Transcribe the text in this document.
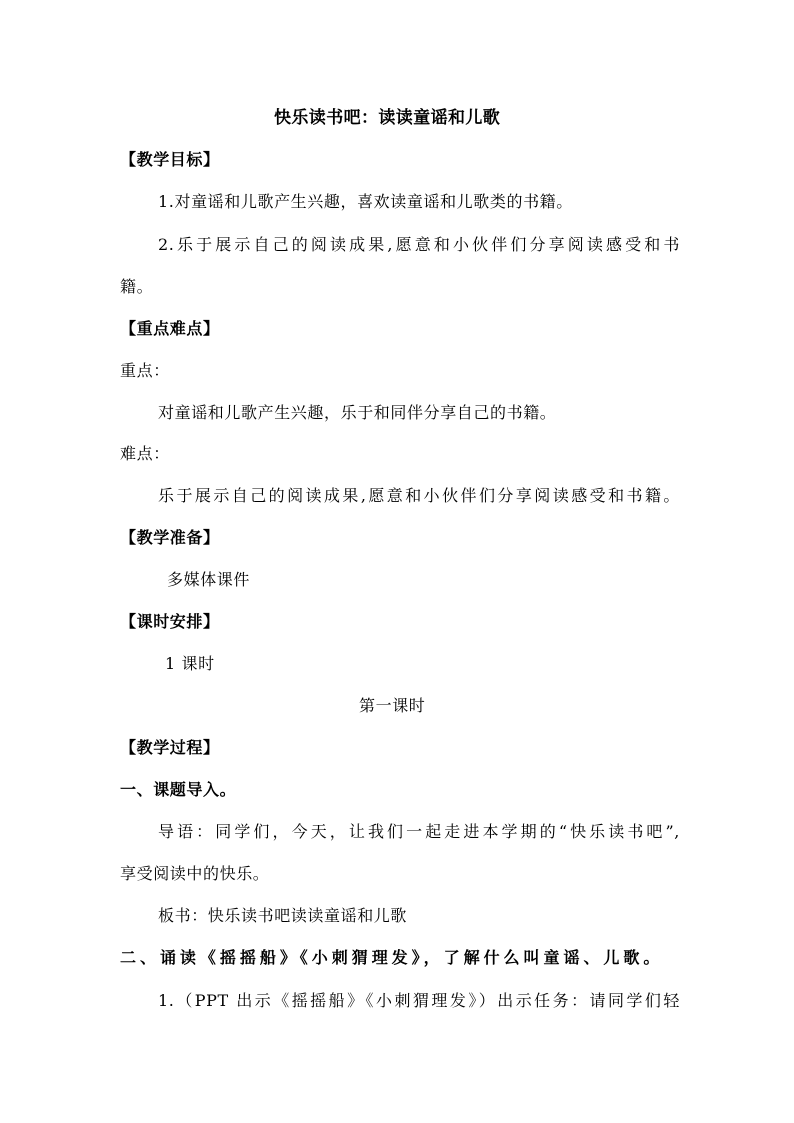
快乐读书吧：读读童谣和儿歌
【教学目标】
1.对童谣和儿歌产生兴趣，喜欢读童谣和儿歌类的书籍。
2.乐于展示自己的阅读成果,愿意和小伙伴们分享阅读感受和书
籍。
【重点难点】
重点：
对童谣和儿歌产生兴趣，乐于和同伴分享自己的书籍。
难点：
乐于展示自己的阅读成果,愿意和小伙伴们分享阅读感受和书籍。
【教学准备】
多媒体课件
【课时安排】
1 课时
第一课时
【教学过程】
一、课题导入。
导语：同学们，今天，让我们一起走进本学期的“快乐读书吧”,
享受阅读中的快乐。
板书：快乐读书吧读读童谣和儿歌
二、诵读《摇摇船》《小刺猬理发》，了解什么叫童谣、儿歌。
1.（PPT 出示《摇摇船》《小刺猬理发》）出示任务：请同学们轻
